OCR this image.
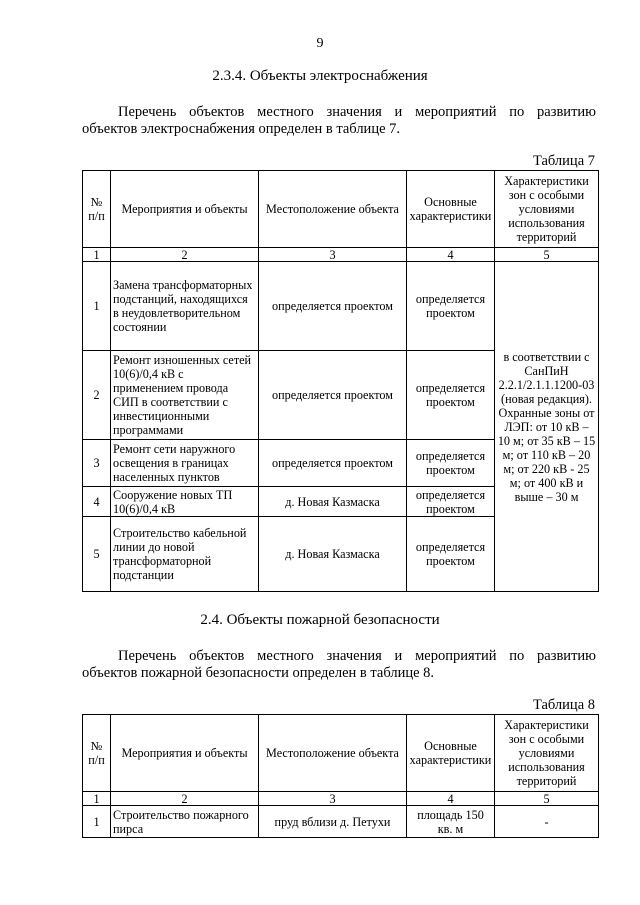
9
2.3.4. Объекты электроснабжения
Перечень объектов местного значения и мероприятий по развитию
объектов электроснабжения определен в таблице 7.
Таблица 7
№ п/п	Мероприятия и объекты	Местоположение объекта	Основные характеристики	Характеристики зон с особыми условиями использования территорий
1	2	3	4	5
1	Замена трансформаторных подстанций, находящихся в неудовлетворительном состоянии	определяется проектом	определяется проектом	в соответствии с СанПиН 2.2.1/2.1.1.1200-03 (новая редакция). Охранные зоны от ЛЭП: от 10 кВ – 10 м; от 35 кВ – 15 м; от 110 кВ – 20 м; от 220 кВ - 25 м; от 400 кВ и выше – 30 м
2	Ремонт изношенных сетей 10(6)/0,4 кВ с применением провода СИП в соответствии с инвестиционными программами	определяется проектом	определяется проектом	
3	Ремонт сети наружного освещения в границах населенных пунктов	определяется проектом	определяется проектом	
4	Сооружение новых ТП 10(6)/0,4 кВ	д. Новая Казмаска	определяется проектом	
5	Строительство кабельной линии до новой трансформаторной подстанции	д. Новая Казмаска	определяется проектом	
2.4. Объекты пожарной безопасности
Перечень объектов местного значения и мероприятий по развитию
объектов пожарной безопасности определен в таблице 8.
Таблица 8
№ п/п	Мероприятия и объекты	Местоположение объекта	Основные характеристики	Характеристики зон с особыми условиями использования территорий
1	2	3	4	5
1	Строительство пожарного пирса	пруд вблизи д. Петухи	площадь 150 кв. м	-
